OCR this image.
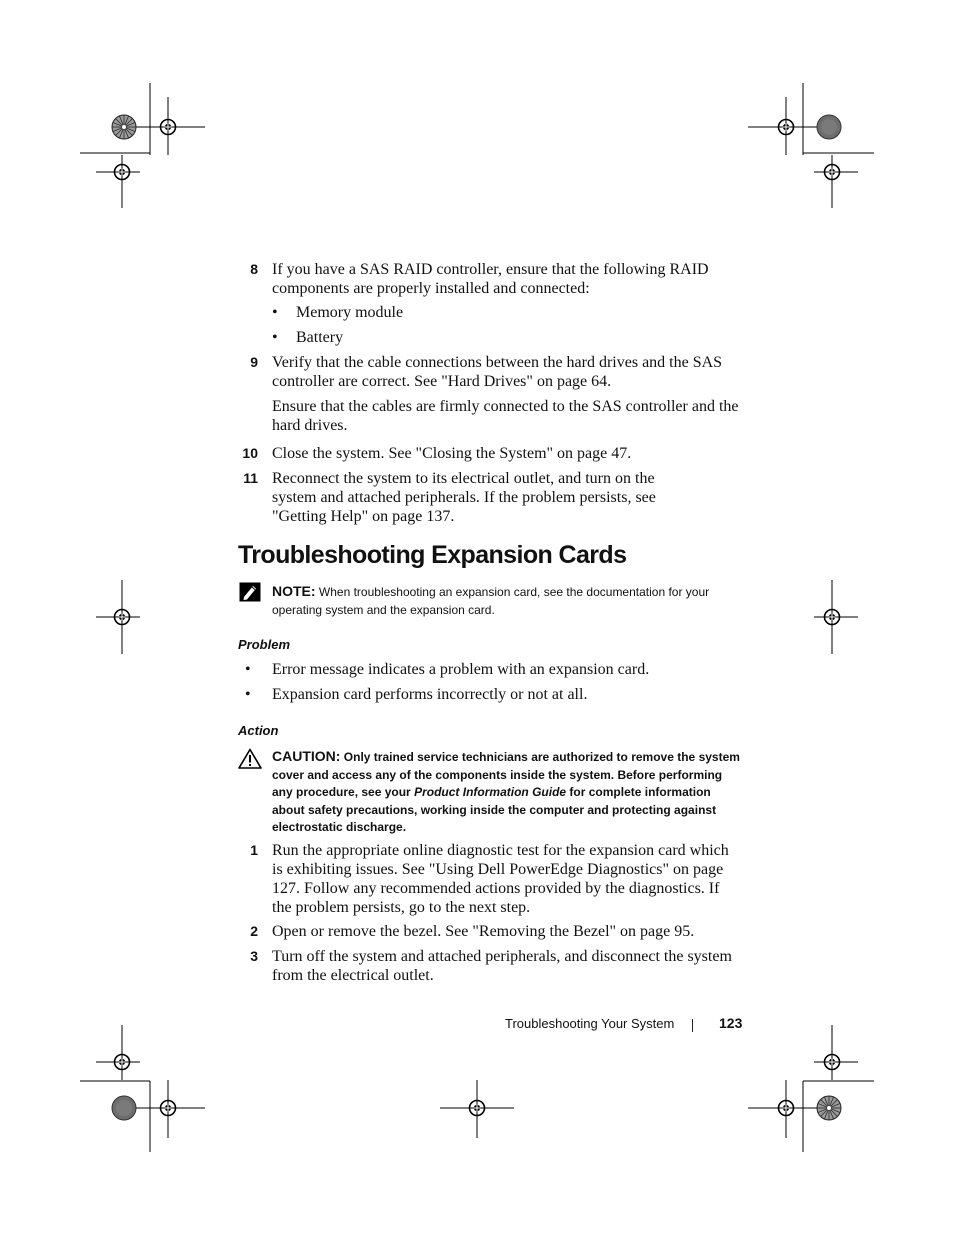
8 If you have a SAS RAID controller, ensure that the following RAID components are properly installed and connected:
• Memory module
• Battery
9 Verify that the cable connections between the hard drives and the SAS controller are correct. See "Hard Drives" on page 64.
Ensure that the cables are firmly connected to the SAS controller and the hard drives.
10 Close the system. See "Closing the System" on page 47.
11 Reconnect the system to its electrical outlet, and turn on the system and attached peripherals. If the problem persists, see "Getting Help" on page 137.
Troubleshooting Expansion Cards
NOTE: When troubleshooting an expansion card, see the documentation for your operating system and the expansion card.
Problem
• Error message indicates a problem with an expansion card.
• Expansion card performs incorrectly or not at all.
Action
CAUTION: Only trained service technicians are authorized to remove the system cover and access any of the components inside the system. Before performing any procedure, see your Product Information Guide for complete information about safety precautions, working inside the computer and protecting against electrostatic discharge.
1 Run the appropriate online diagnostic test for the expansion card which is exhibiting issues. See "Using Dell PowerEdge Diagnostics" on page 127. Follow any recommended actions provided by the diagnostics. If the problem persists, go to the next step.
2 Open or remove the bezel. See "Removing the Bezel" on page 95.
3 Turn off the system and attached peripherals, and disconnect the system from the electrical outlet.
Troubleshooting Your System	123
